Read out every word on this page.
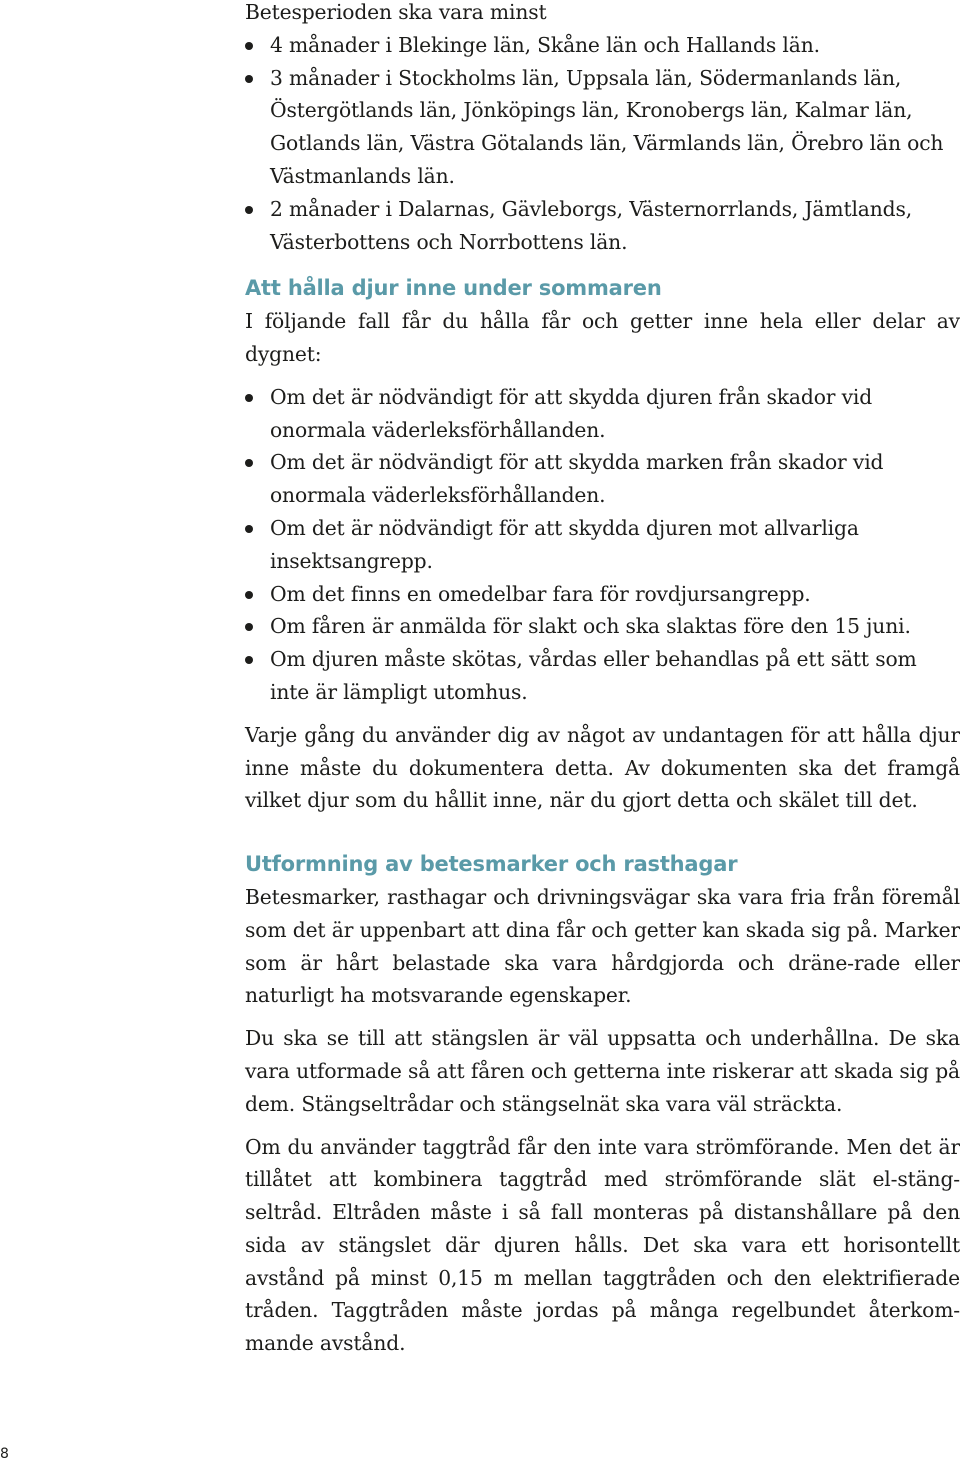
Betesperioden ska vara minst

4 månader i Blekinge län, Skåne län och Hallands län.
3 månader i Stockholms län, Uppsala län, Södermanlands län, Östergötlands län, Jönköpings län, Kronobergs län, Kalmar län, Gotlands län, Västra Götalands län, Värmlands län, Örebro län och Västmanlands län.
2 månader i Dalarnas, Gävleborgs, Västernorrlands, Jämtlands, Västerbottens och Norrbottens län.
Att hålla djur inne under sommaren

I följande fall får du hålla får och getter inne hela eller delar av dygnet:

Om det är nödvändigt för att skydda djuren från skador vid onormala väderleksförhållanden.
Om det är nödvändigt för att skydda marken från skador vid onormala väderleksförhållanden.
Om det är nödvändigt för att skydda djuren mot allvarliga insektsangrepp.
Om det finns en omedelbar fara för rovdjursangrepp.
Om fåren är anmälda för slakt och ska slaktas före den 15 juni.
Om djuren måste skötas, vårdas eller behandlas på ett sätt som inte är lämpligt utomhus.

Varje gång du använder dig av något av undantagen för att hålla djur inne måste du dokumentera detta. Av dokumenten ska det framgå vilket djur som du hållit inne, när du gjort detta och skälet till det.

Utformning av betesmarker och rasthagar

Betesmarker, rasthagar och drivningsvägar ska vara fria från föremål som det är uppenbart att dina får och getter kan skada sig på. Marker som är hårt belastade ska vara hårdgjorda och dräne-rade eller naturligt ha motsvarande egenskaper.

Du ska se till att stängslen är väl uppsatta och underhållna. De ska vara utformade så att fåren och getterna inte riskerar att skada sig på dem. Stängseltrådar och stängselnät ska vara väl sträckta.

Om du använder taggtråd får den inte vara strömförande. Men det är tillåtet att kombinera taggtråd med strömförande slät el-stäng-seltråd. Eltråden måste i så fall monteras på distanshållare på den sida av stängslet där djuren hålls. Det ska vara ett horisontellt avstånd på minst 0,15 m mellan taggtråden och den elektrifierade tråden. Taggtråden måste jordas på många regelbundet återkom-mande avstånd.

8
